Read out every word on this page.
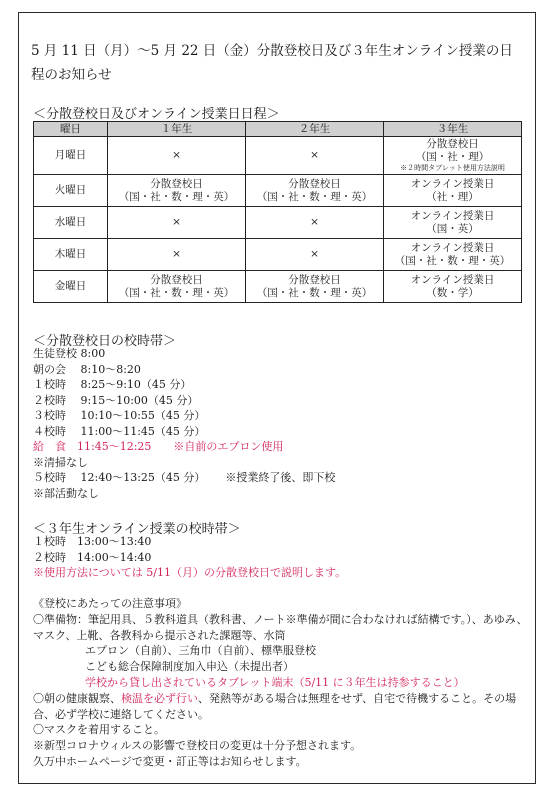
5 月 11 日（月）～5 月 22 日（金）分散登校日及び３年生オンライン授業の日程のお知らせ
＜分散登校日及びオンライン授業日日程＞
曜日	１年生	２年生	３年生
月曜日	×	×	分散登校日
（国・社・理）
※２時間タブレット使用方法説明

火曜日	分散登校日
（国・社・数・理・英）	分散登校日
（国・社・数・理・英）	オンライン授業日
（社・理）

水曜日	×	×	オンライン授業日
（国・英）

木曜日	×	×	オンライン授業日
（国・社・数・理・英）

金曜日	分散登校日
（国・社・数・理・英）	分散登校日
（国・社・数・理・英）	オンライン授業日
（数・学）
＜分散登校日の校時帯＞
生徒登校 8:00
朝の会　 8:10～8:20
１校時　 8:25～9:10（45 分）
２校時　 9:15～10:00（45 分）
３校時　 10:10～10:55（45 分）
４校時　 11:00～11:45（45 分）
給　食　11:45～12:25　　※自前のエプロン使用
※清掃なし
５校時　 12:40～13:25（45 分）　　 ※授業終了後、即下校
※部活動なし
＜３年生オンライン授業の校時帯＞
１校時　13:00～13:40
２校時　14:00～14:40
※使用方法については 5/11（月）の分散登校日で説明します。
《登校にあたっての注意事項》
〇準備物：筆記用具、５教科道具（教科書、ノート※準備が間に合わなければ結構です。）、あゆみ、マスク、上靴、各教科から提示された課題等、水筒
エプロン（自前）、三角巾（自前）、標準服登校
こども総合保障制度加入申込（未提出者）
学校から貸し出されているタブレット端末（5/11 に３年生は持参すること）
〇朝の健康観察、検温を必ず行い、発熱等がある場合は無理をせず、自宅で待機すること。その場合、必ず学校に連絡してください。
〇マスクを着用すること。
※新型コロナウィルスの影響で登校日の変更は十分予想されます。
久万中ホームページで変更・訂正等はお知らせします。
